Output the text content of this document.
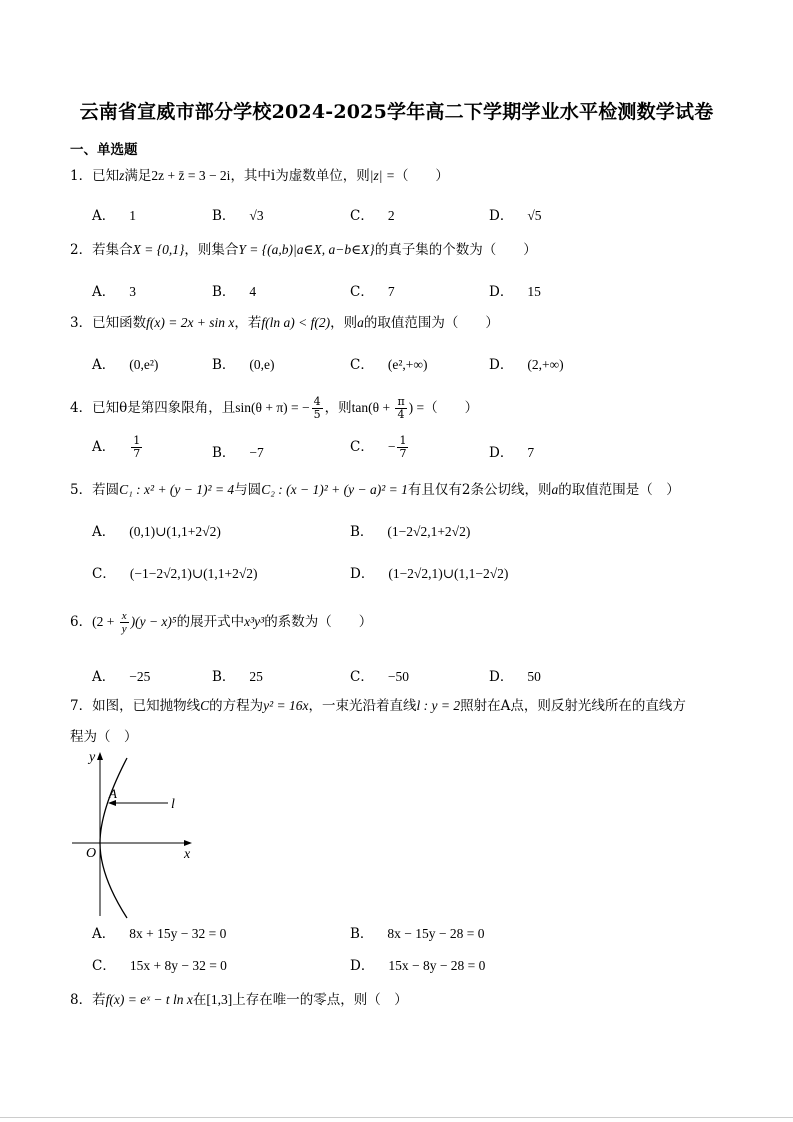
云南省宣威市部分学校2024-2025学年高二下学期学业水平检测数学试卷
一、单选题
1．已知z满足2z + z̄ = 3 − 2i，其中i为虚数单位，则|z| =（　　）
A． 1	B． √3	C． 2	D． √5
2．若集合X = {0,1}，则集合Y = {(a,b)|a∈X, a−b∈X}的真子集的个数为（　　）
A． 3	B． 4	C． 7	D． 15
3．已知函数f(x) = 2x + sin x，若f(ln a) < f(2)，则a的取值范围为（　　）
A． (0,e²)	B． (0,e)	C． (e²,+∞)	D． (2,+∞)
4．已知θ是第四象限角，且sin(θ + π) = − $\frac{4}{5}$ ，则$\tan(\theta + \frac{\pi}{4}$ ) =（　　）
A． $\frac{1}{7}$	B． −7	C． − $\frac{1}{7}$	D． 7
5．若圆C₁ : x² + (y − 1)² = 4与圆C₂ : (x − 1)² + (y − a)² = 1有且仅有2条公切线，则a的取值范围是（　）
A． (0,1)∪(1,1+2√2)	B． (1−2√2,1+2√2)
C． (−1−2√2,1)∪(1,1+2√2)	D． (1−2√2,1)∪(1,1−2√2)
6．$(2 + \frac{x}{y} )(y - x)^5$的展开式中x³y³的系数为（　　）
A． −25	B． 25	C． −50	D． 50
7．如图，已知抛物线C的方程为y² = 16x，一束光沿着直线l : y = 2照射在A点，则反射光线所在的直线方
程为（　）
y
x
O
A
l
A． 8x + 15y − 32 = 0	B． 8x − 15y − 28 = 0
C． 15x + 8y − 32 = 0	D． 15x − 8y − 28 = 0
8．若f(x) = eˣ − t ln x在[1,3]上存在唯一的零点，则（　）
